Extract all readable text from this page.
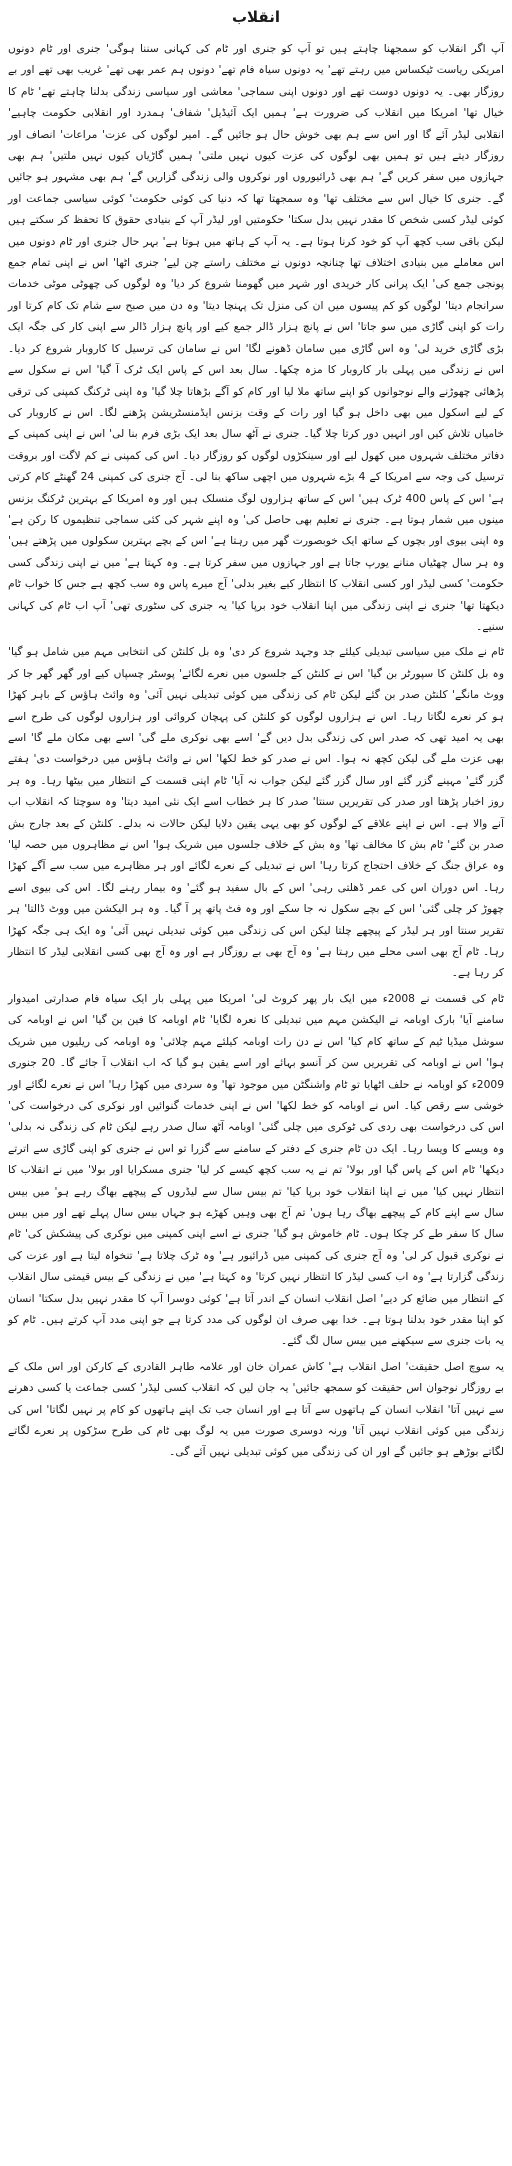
انقلاب

آپ اگر انقلاب کو سمجھنا چاہتے ہیں تو آپ کو جنری اور ٹام کی کہانی سننا ہوگی' جنری اور ٹام دونوں امریکی ریاست ٹیکساس میں رہتے تھے' یہ دونوں سیاہ فام تھے' دونوں ہم عمر بھی تھے' غریب بھی تھے اور بے روزگار بھی۔ یہ دونوں دوست تھے اور دونوں اپنی سماجی' معاشی اور سیاسی زندگی بدلنا چاہتے تھے' ٹام کا خیال تھا' امریکا میں انقلاب کی ضرورت ہے' ہمیں ایک آئیڈیل' شفاف' ہمدرد اور انقلابی حکومت چاہیے' انقلابی لیڈر آئے گا اور اس سے ہم بھی خوش حال ہو جائیں گے۔ امیر لوگوں کی عزت' مراعات' انصاف اور روزگار دیتے ہیں تو ہمیں بھی لوگوں کی عزت کیوں نہیں ملتی' ہمیں گاڑیاں کیوں نہیں ملتیں' ہم بھی جہازوں میں سفر کریں گے' ہم بھی ڈرائیوروں اور نوکروں والی زندگی گزاریں گے' ہم بھی مشہور ہو جائیں گے۔ جنری کا خیال اس سے مختلف تھا' وہ سمجھتا تھا کہ دنیا کی کوئی حکومت' کوئی سیاسی جماعت اور کوئی لیڈر کسی شخص کا مقدر نہیں بدل سکتا' حکومتیں اور لیڈر آپ کے بنیادی حقوق کا تحفظ کر سکتے ہیں لیکن باقی سب کچھ آپ کو خود کرنا ہوتا ہے۔ یہ آپ کے ہاتھ میں ہوتا ہے' بہر حال جنری اور ٹام دونوں میں اس معاملے میں بنیادی اختلاف تھا چنانچہ دونوں نے مختلف راستے چن لیے' جنری اٹھا' اس نے اپنی تمام جمع پونجی جمع کی' ایک پرانی کار خریدی اور شہر میں گھومنا شروع کر دیا' وہ لوگوں کی چھوٹی موٹی خدمات سرانجام دیتا' لوگوں کو کم پیسوں میں ان کی منزل تک پہنچا دیتا' وہ دن میں صبح سے شام تک کام کرتا اور رات کو اپنی گاڑی میں سو جاتا' اس نے پانچ ہزار ڈالر جمع کیے اور پانچ ہزار ڈالر سے اپنی کار کی جگہ ایک بڑی گاڑی خرید لی' وہ اس گاڑی میں سامان ڈھونے لگا' اس نے سامان کی ترسیل کا کاروبار شروع کر دیا۔ اس نے زندگی میں پہلی بار کاروبار کا مزہ چکھا۔ سال بعد اس کے پاس ایک ٹرک آ گیا' اس نے سکول سے پڑھائی چھوڑنے والے نوجوانوں کو اپنے ساتھ ملا لیا اور کام کو آگے بڑھاتا چلا گیا' وہ اپنی ٹرکنگ کمپنی کی ترقی کے لیے اسکول میں بھی داخل ہو گیا اور رات کے وقت بزنس ایڈمنسٹریشن پڑھنے لگا۔ اس نے کاروبار کی خامیاں تلاش کیں اور انہیں دور کرتا چلا گیا۔ جنری نے آٹھ سال بعد ایک بڑی فرم بنا لی' اس نے اپنی کمپنی کے دفاتر مختلف شہروں میں کھول لیے اور سینکڑوں لوگوں کو روزگار دیا۔ اس کی کمپنی نے کم لاگت اور بروقت ترسیل کی وجہ سے امریکا کے 4 بڑے شہروں میں اچھی ساکھ بنا لی۔ آج جنری کی کمپنی 24 گھنٹے کام کرتی ہے' اس کے پاس 400 ٹرک ہیں' اس کے ساتھ ہزاروں لوگ منسلک ہیں اور وہ امریکا کے بہترین ٹرکنگ بزنس مینوں میں شمار ہوتا ہے۔ جنری نے تعلیم بھی حاصل کی' وہ اپنے شہر کی کئی سماجی تنظیموں کا رکن ہے' وہ اپنی بیوی اور بچوں کے ساتھ ایک خوبصورت گھر میں رہتا ہے' اس کے بچے بہترین سکولوں میں پڑھتے ہیں' وہ ہر سال چھٹیاں منانے یورپ جاتا ہے اور جہازوں میں سفر کرتا ہے۔ وہ کہتا ہے' میں نے اپنی زندگی کسی حکومت' کسی لیڈر اور کسی انقلاب کا انتظار کیے بغیر بدلی' آج میرے پاس وہ سب کچھ ہے جس کا خواب ٹام دیکھتا تھا' جنری نے اپنی زندگی میں اپنا انقلاب خود برپا کیا' یہ جنری کی سٹوری تھی' آپ اب ٹام کی کہانی سنیے۔

ٹام نے ملک میں سیاسی تبدیلی کیلئے جد وجہد شروع کر دی' وہ بل کلنٹن کی انتخابی مہم میں شامل ہو گیا' وہ بل کلنٹن کا سپورٹر بن گیا' اس نے کلنٹن کے جلسوں میں نعرے لگائے' پوسٹر چسپاں کیے اور گھر گھر جا کر ووٹ مانگے' کلنٹن صدر بن گئے لیکن ٹام کی زندگی میں کوئی تبدیلی نہیں آئی' وہ وائٹ ہاؤس کے باہر کھڑا ہو کر نعرے لگاتا رہا۔ اس نے ہزاروں لوگوں کو کلنٹن کی پہچان کروائی اور ہزاروں لوگوں کی طرح اسے بھی یہ امید تھی کہ صدر اس کی زندگی بدل دیں گے' اسے بھی نوکری ملے گی' اسے بھی مکان ملے گا' اسے بھی عزت ملے گی لیکن کچھ نہ ہوا۔ اس نے صدر کو خط لکھا' اس نے وائٹ ہاؤس میں درخواست دی' ہفتے گزر گئے' مہینے گزر گئے اور سال گزر گئے لیکن جواب نہ آیا' ٹام اپنی قسمت کے انتظار میں بیٹھا رہا۔ وہ ہر روز اخبار پڑھتا اور صدر کی تقریریں سنتا' صدر کا ہر خطاب اسے ایک نئی امید دیتا' وہ سوچتا کہ انقلاب اب آنے والا ہے۔ اس نے اپنے علاقے کے لوگوں کو بھی یہی یقین دلایا لیکن حالات نہ بدلے۔ کلنٹن کے بعد جارج بش صدر بن گئے' ٹام بش کا مخالف تھا' وہ بش کے خلاف جلسوں میں شریک ہوا' اس نے مظاہروں میں حصہ لیا' وہ عراق جنگ کے خلاف احتجاج کرتا رہا' اس نے تبدیلی کے نعرے لگائے اور ہر مظاہرے میں سب سے آگے کھڑا رہا۔ اس دوران اس کی عمر ڈھلتی رہی' اس کے بال سفید ہو گئے' وہ بیمار رہنے لگا۔ اس کی بیوی اسے چھوڑ کر چلی گئی' اس کے بچے سکول نہ جا سکے اور وہ فٹ پاتھ پر آ گیا۔ وہ ہر الیکشن میں ووٹ ڈالتا' ہر تقریر سنتا اور ہر لیڈر کے پیچھے چلتا لیکن اس کی زندگی میں کوئی تبدیلی نہیں آئی' وہ ایک ہی جگہ کھڑا رہا۔ ٹام آج بھی اسی محلے میں رہتا ہے' وہ آج بھی بے روزگار ہے اور وہ آج بھی کسی انقلابی لیڈر کا انتظار کر رہا ہے۔

ٹام کی قسمت نے 2008ء میں ایک بار پھر کروٹ لی' امریکا میں پہلی بار ایک سیاہ فام صدارتی امیدوار سامنے آیا' بارک اوبامہ نے الیکشن مہم میں تبدیلی کا نعرہ لگایا' ٹام اوبامہ کا فین بن گیا' اس نے اوبامہ کی سوشل میڈیا ٹیم کے ساتھ کام کیا' اس نے دن رات اوبامہ کیلئے مہم چلائی' وہ اوبامہ کی ریلیوں میں شریک ہوا' اس نے اوبامہ کی تقریریں سن کر آنسو بہائے اور اسے یقین ہو گیا کہ اب انقلاب آ جائے گا۔ 20 جنوری 2009ء کو اوبامہ نے حلف اٹھایا تو ٹام واشنگٹن میں موجود تھا' وہ سردی میں کھڑا رہا' اس نے نعرے لگائے اور خوشی سے رقص کیا۔ اس نے اوبامہ کو خط لکھا' اس نے اپنی خدمات گنوائیں اور نوکری کی درخواست کی' اس کی درخواست بھی ردی کی ٹوکری میں چلی گئی' اوبامہ آٹھ سال صدر رہے لیکن ٹام کی زندگی نہ بدلی' وہ ویسے کا ویسا رہا۔ ایک دن ٹام جنری کے دفتر کے سامنے سے گزرا تو اس نے جنری کو اپنی گاڑی سے اترتے دیکھا' ٹام اس کے پاس گیا اور بولا' تم نے یہ سب کچھ کیسے کر لیا' جنری مسکرایا اور بولا' میں نے انقلاب کا انتظار نہیں کیا' میں نے اپنا انقلاب خود برپا کیا' تم بیس سال سے لیڈروں کے پیچھے بھاگ رہے ہو' میں بیس سال سے اپنے کام کے پیچھے بھاگ رہا ہوں' تم آج بھی وہیں کھڑے ہو جہاں بیس سال پہلے تھے اور میں بیس سال کا سفر طے کر چکا ہوں۔ ٹام خاموش ہو گیا' جنری نے اسے اپنی کمپنی میں نوکری کی پیشکش کی' ٹام نے نوکری قبول کر لی' وہ آج جنری کی کمپنی میں ڈرائیور ہے' وہ ٹرک چلاتا ہے' تنخواہ لیتا ہے اور عزت کی زندگی گزارتا ہے' وہ اب کسی لیڈر کا انتظار نہیں کرتا' وہ کہتا ہے' میں نے زندگی کے بیس قیمتی سال انقلاب کے انتظار میں ضائع کر دیے' اصل انقلاب انسان کے اندر آتا ہے' کوئی دوسرا آپ کا مقدر نہیں بدل سکتا' انسان کو اپنا مقدر خود بدلنا ہوتا ہے۔ خدا بھی صرف ان لوگوں کی مدد کرتا ہے جو اپنی مدد آپ کرتے ہیں۔ ٹام کو یہ بات جنری سے سیکھنے میں بیس سال لگ گئے۔

یہ سوچ اصل حقیقت' اصل انقلاب ہے' کاش عمران خان اور علامہ طاہر القادری کے کارکن اور اس ملک کے بے روزگار نوجوان اس حقیقت کو سمجھ جائیں' یہ جان لیں کہ انقلاب کسی لیڈر' کسی جماعت یا کسی دھرنے سے نہیں آتا' انقلاب انسان کے ہاتھوں سے آتا ہے اور انسان جب تک اپنے ہاتھوں کو کام پر نہیں لگاتا' اس کی زندگی میں کوئی انقلاب نہیں آتا' ورنہ دوسری صورت میں یہ لوگ بھی ٹام کی طرح سڑکوں پر نعرے لگاتے لگاتے بوڑھے ہو جائیں گے اور ان کی زندگی میں کوئی تبدیلی نہیں آئے گی۔
